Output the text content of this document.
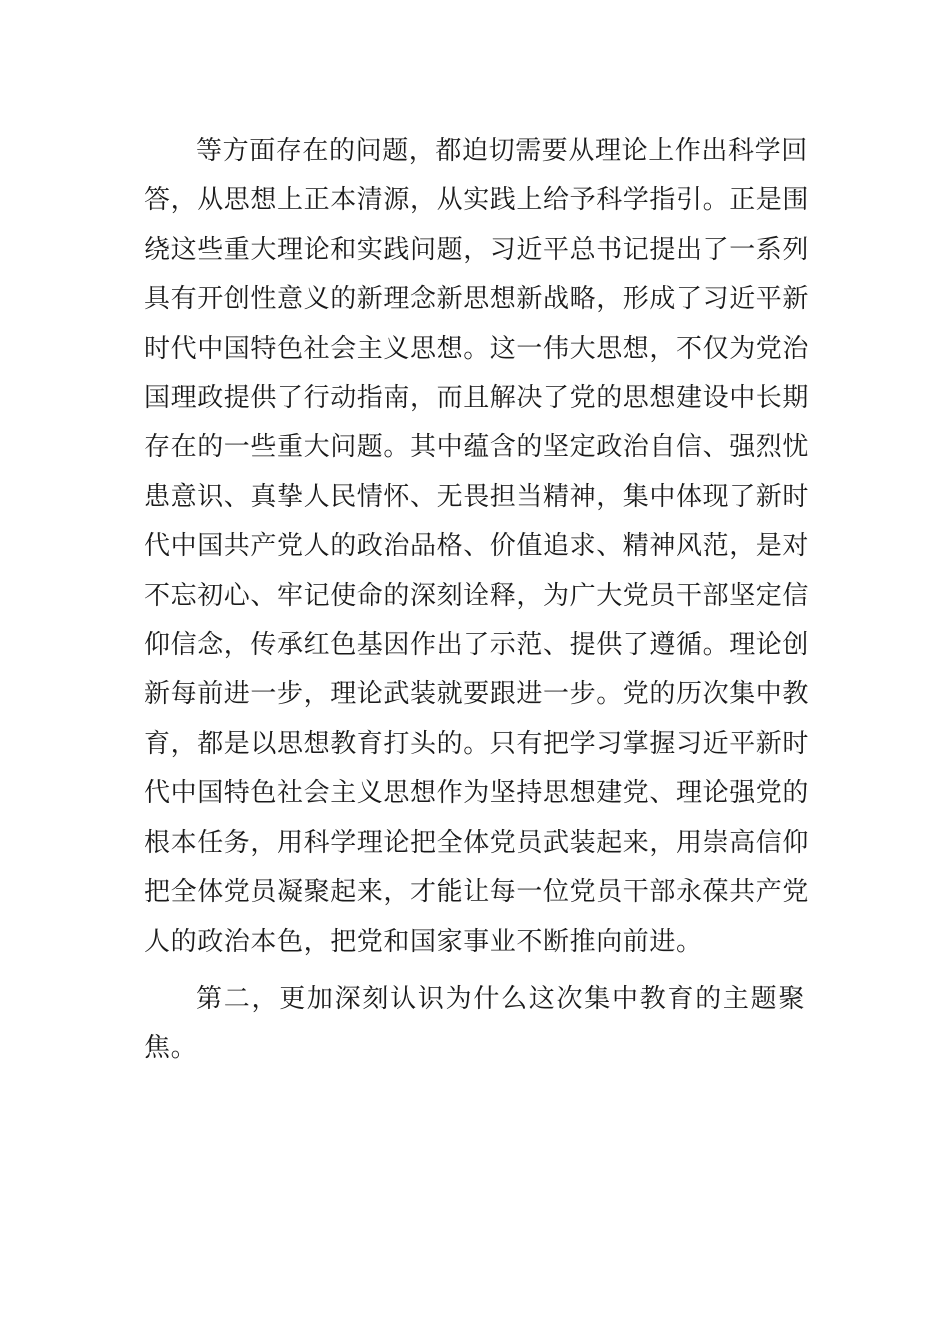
等方面存在的问题，都迫切需要从理论上作出科学回
答，从思想上正本清源，从实践上给予科学指引。正是围
绕这些重大理论和实践问题，习近平总书记提出了一系列
具有开创性意义的新理念新思想新战略，形成了习近平新
时代中国特色社会主义思想。这一伟大思想，不仅为党治
国理政提供了行动指南，而且解决了党的思想建设中长期
存在的一些重大问题。其中蕴含的坚定政治自信、强烈忧
患意识、真挚人民情怀、无畏担当精神，集中体现了新时
代中国共产党人的政治品格、价值追求、精神风范，是对
不忘初心、牢记使命的深刻诠释，为广大党员干部坚定信
仰信念，传承红色基因作出了示范、提供了遵循。理论创
新每前进一步，理论武装就要跟进一步。党的历次集中教
育，都是以思想教育打头的。只有把学习掌握习近平新时
代中国特色社会主义思想作为坚持思想建党、理论强党的
根本任务，用科学理论把全体党员武装起来，用崇高信仰
把全体党员凝聚起来，才能让每一位党员干部永葆共产党
人的政治本色，把党和国家事业不断推向前进。
第二，更加深刻认识为什么这次集中教育的主题聚
焦。
